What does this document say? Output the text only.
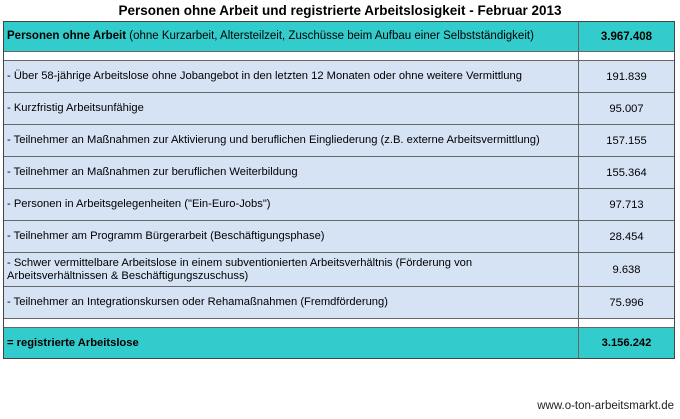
Personen ohne Arbeit und registrierte Arbeitslosigkeit - Februar 2013
Personen ohne Arbeit (ohne Kurzarbeit, Altersteilzeit, Zuschüsse beim Aufbau einer Selbstständigkeit)	3.967.408
- Über 58-jährige Arbeitslose ohne Jobangebot in den letzten 12 Monaten oder ohne weitere Vermittlung	191.839
- Kurzfristig Arbeitsunfähige	95.007
- Teilnehmer an Maßnahmen zur Aktivierung und beruflichen Eingliederung (z.B. externe Arbeitsvermittlung)	157.155
- Teilnehmer an Maßnahmen zur beruflichen Weiterbildung	155.364
- Personen in Arbeitsgelegenheiten ("Ein-Euro-Jobs")	97.713
- Teilnehmer am Programm Bürgerarbeit (Beschäftigungsphase)	28.454
- Schwer vermittelbare Arbeitslose in einem subventionierten Arbeitsverhältnis (Förderung von Arbeitsverhältnissen & Beschäftigungszuschuss)	9.638
- Teilnehmer an Integrationskursen oder Rehamaßnahmen (Fremdförderung)	75.996
= registrierte Arbeitslose	3.156.242
www.o-ton-arbeitsmarkt.de
